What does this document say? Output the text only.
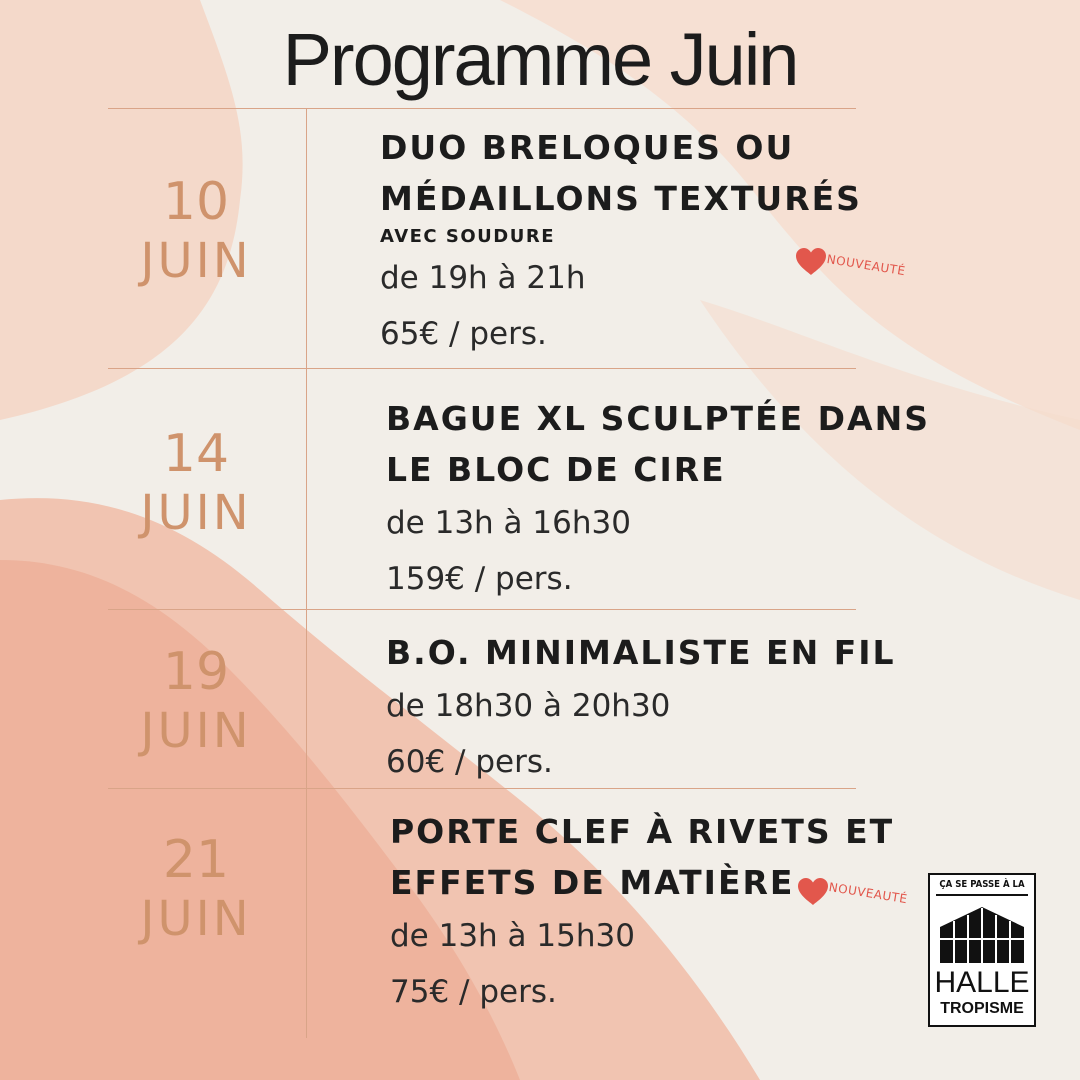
Programme Juin
10
JUIN
DUO BRELOQUES OU
MÉDAILLONS TEXTURÉS
AVEC SOUDURE
de 19h à 21h
65€ / pers.
NOUVEAUTÉ
14
JUIN
BAGUE XL SCULPTÉE DANS
LE BLOC DE CIRE
de 13h à 16h30
159€ / pers.
19
JUIN
B.O. MINIMALISTE EN FIL
de 18h30 à 20h30
60€ / pers.
21
JUIN
PORTE CLEF À RIVETS ET
EFFETS DE MATIÈRE
de 13h à 15h30
75€ / pers.
NOUVEAUTÉ	ÇA SE PASSE À LA
HALLE
TROPISME
